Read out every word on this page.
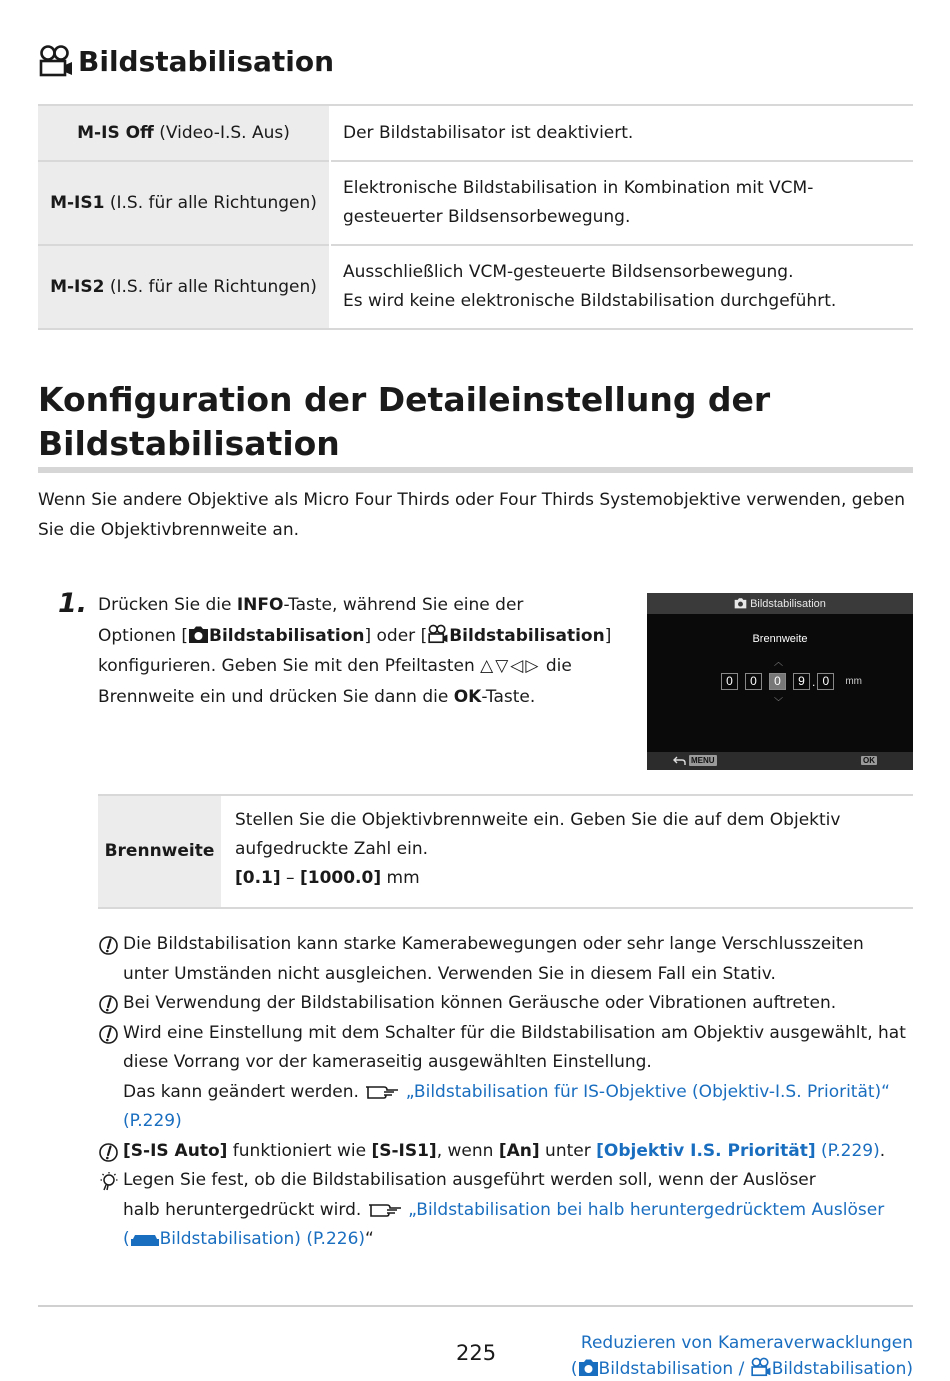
Bildstabilisation
M-IS Off (Video-I.S. Aus)	Der Bildstabilisator ist deaktiviert.
M-IS1 (I.S. für alle Richtungen)	Elektronische Bildstabilisation in Kombination mit VCM-
gesteuerter Bildsensorbewegung.
M-IS2 (I.S. für alle Richtungen)	Ausschließlich VCM-gesteuerte Bildsensorbewegung.
Es wird keine elektronische Bildstabilisation durchgeführt.
Konfiguration der Detaileinstellung der
Bildstabilisation

Wenn Sie andere Objektive als Micro Four Thirds oder Four Thirds Systemobjektive verwenden, geben Sie die Objektivbrennweite an.

1. Drücken Sie die INFO-Taste, während Sie eine der
Optionen [ Bildstabilisation] oder [ Bildstabilisation]
konfigurieren. Geben Sie mit den Pfeiltasten △▽◁▷ die
Brennweite ein und drücken Sie dann die OK-Taste.
Bildstabilisation
Brennweite
︿
0	0	0	9 . 0	mm
﹀
MENU	OK
Brennweite	Stellen Sie die Objektivbrennweite ein. Geben Sie die auf dem Objektiv
aufgedruckte Zahl ein.
[0.1] – [1000.0] mm
Die Bildstabilisation kann starke Kamerabewegungen oder sehr lange Verschlusszeiten unter Umständen nicht ausgleichen. Verwenden Sie in diesem Fall ein Stativ.
Bei Verwendung der Bildstabilisation können Geräusche oder Vibrationen auftreten.
Wird eine Einstellung mit dem Schalter für die Bildstabilisation am Objektiv ausgewählt, hat diese Vorrang vor der kameraseitig ausgewählten Einstellung.
Das kann geändert werden.  „Bildstabilisation für IS-Objektive (Objektiv-I.S. Priorität)“ (P.229)
[S-IS Auto] funktioniert wie [S-IS1], wenn [An] unter [Objektiv I.S. Priorität] (P.229).
Legen Sie fest, ob die Bildstabilisation ausgeführt werden soll, wenn der Auslöser
halb heruntergedrückt wird.  „Bildstabilisation bei halb heruntergedrücktem Auslöser
( Bildstabilisation) (P.226)“
225	Reduzieren von Kameraverwacklungen
( Bildstabilisation / Bildstabilisation)
